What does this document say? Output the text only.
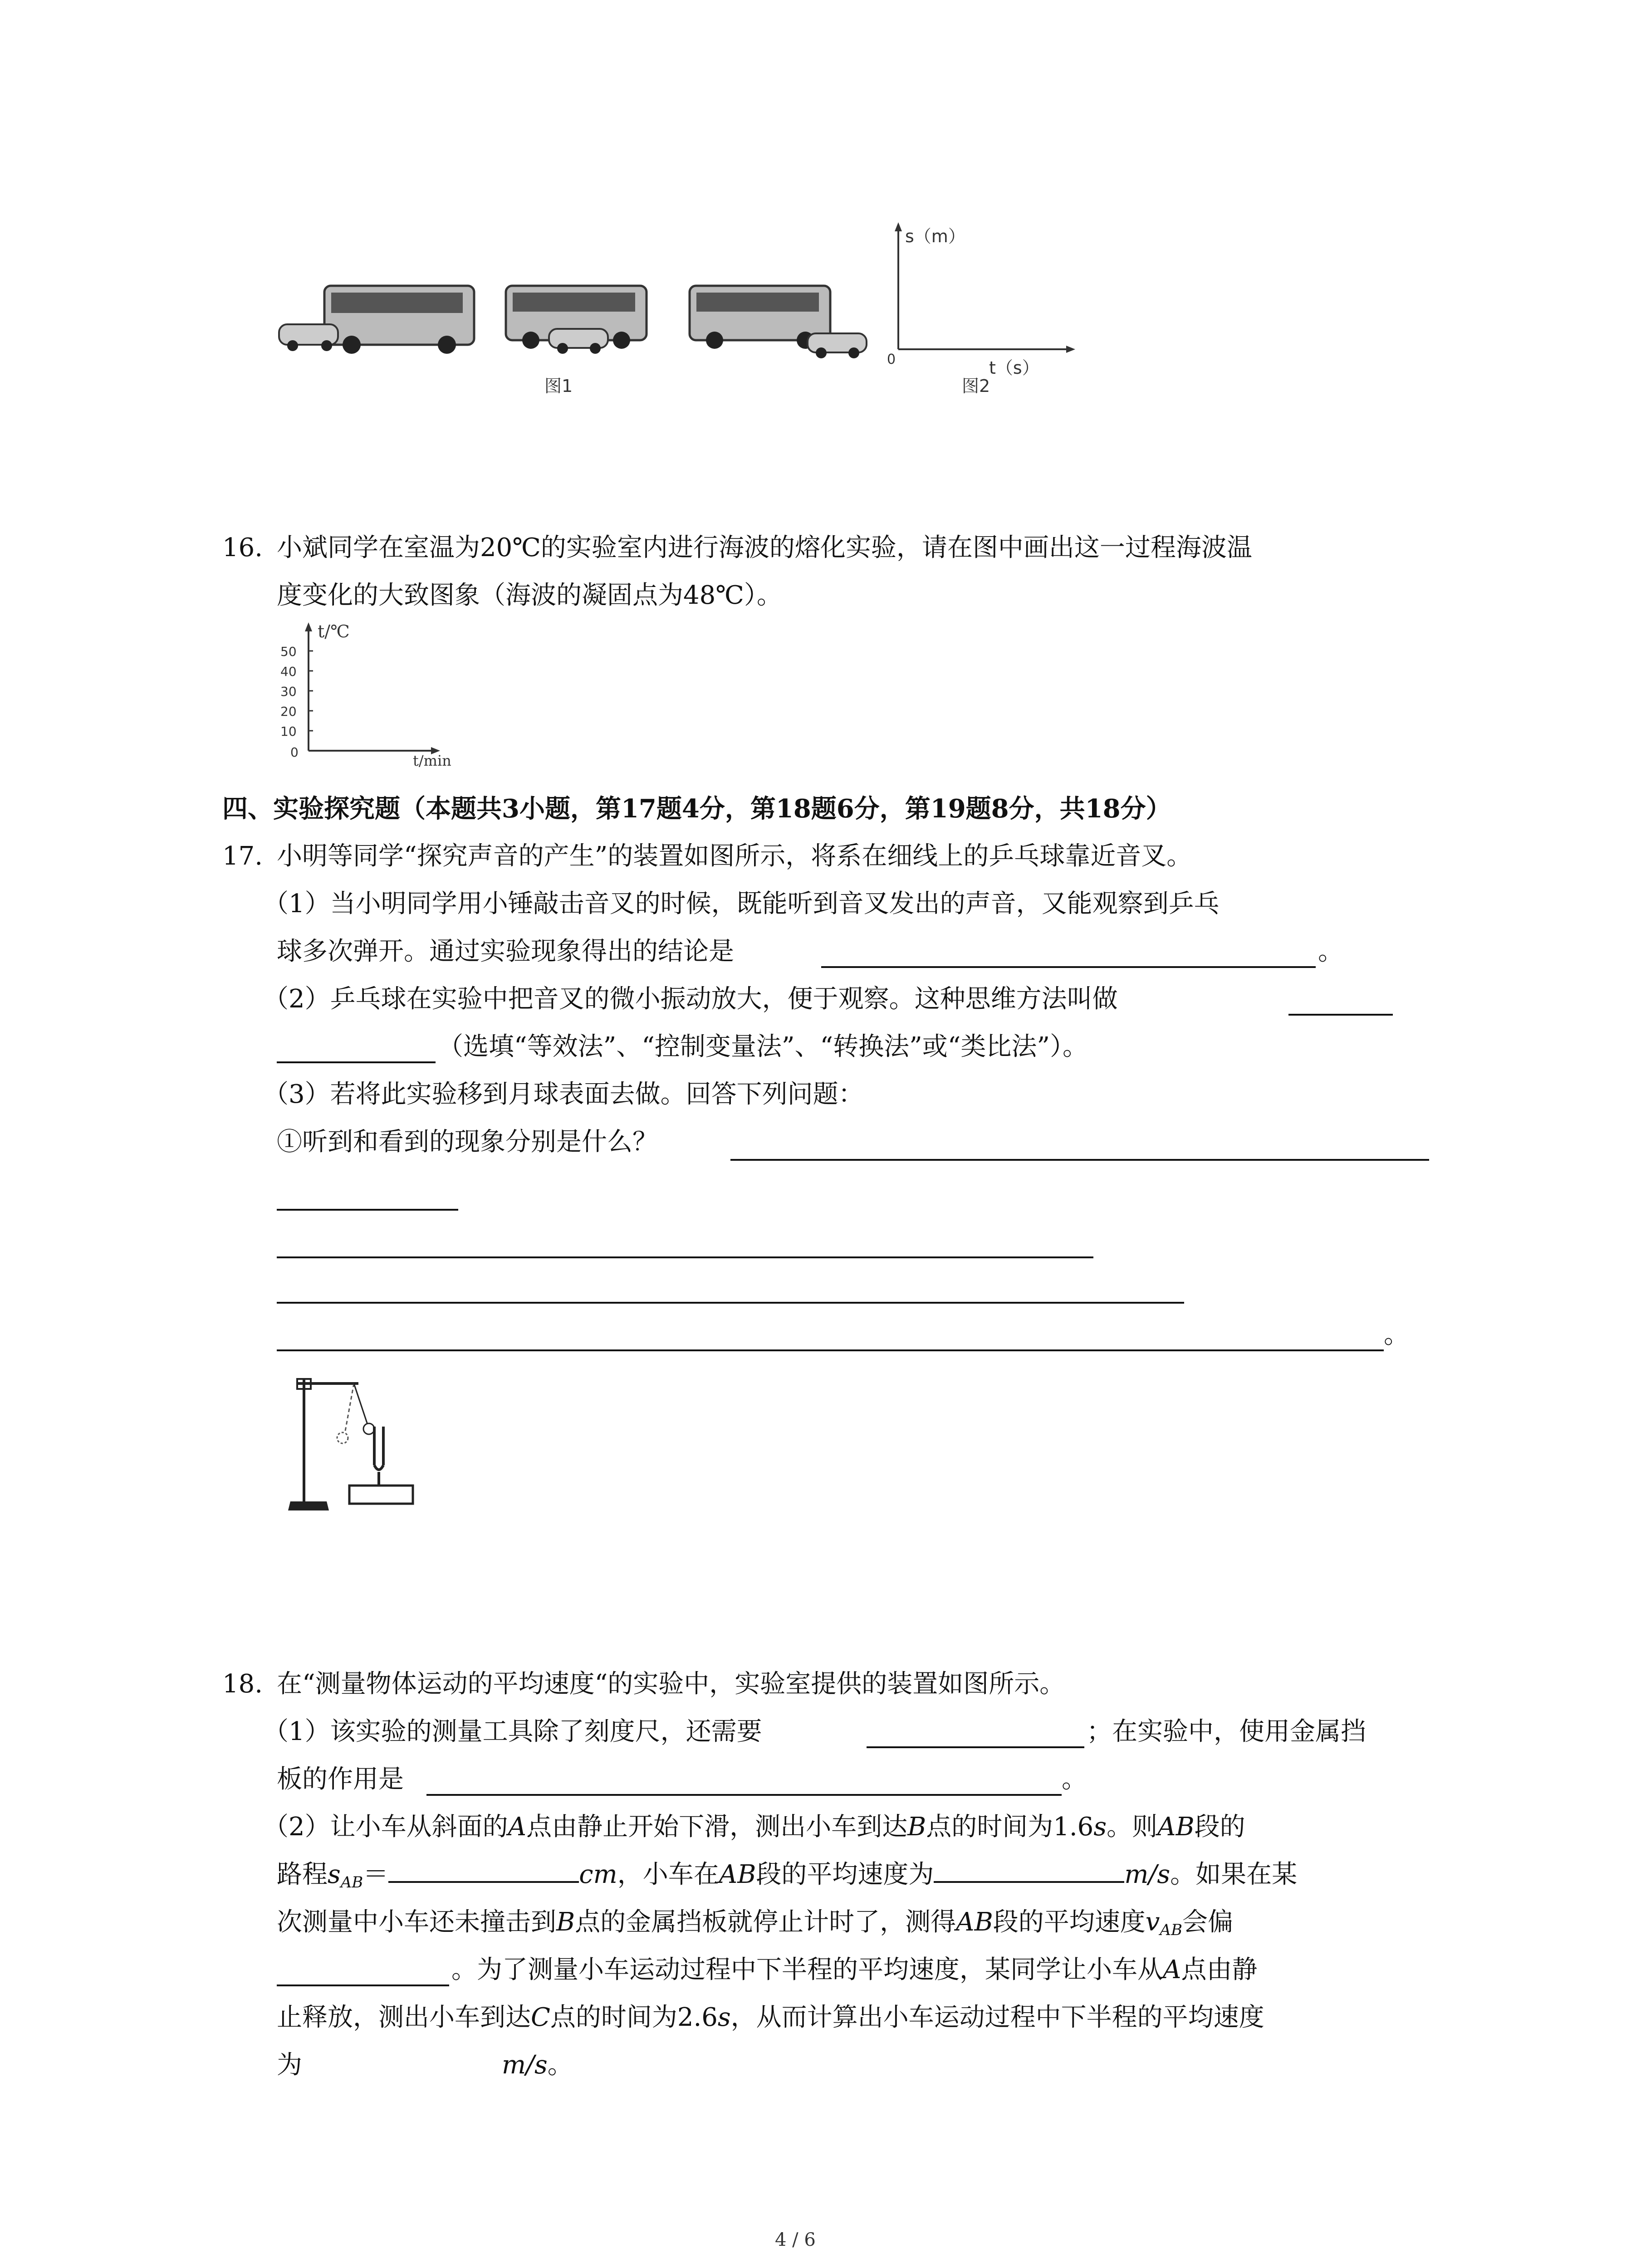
图1
s（m）
t（s）
0
图2
16. 小斌同学在室温为20℃的实验室内进行海波的熔化实验，请在图中画出这一过程海波温
度变化的大致图象（海波的凝固点为48℃）。
t/℃
50
40
30
20
10
0	t/min
四、实验探究题（本题共3小题，第17题4分，第18题6分，第19题8分，共18分）
17. 小明等同学“探究声音的产生”的装置如图所示，将系在细线上的乒乓球靠近音叉。
（1）当小明同学用小锤敲击音叉的时候，既能听到音叉发出的声音，又能观察到乒乓
球多次弹开。通过实验现象得出的结论是	。
（2）乒乓球在实验中把音叉的微小振动放大，便于观察。这种思维方法叫做
（选填“等效法”、“控制变量法”、“转换法”或“类比法”）。
（3）若将此实验移到月球表面去做。回答下列问题：
①听到和看到的现象分别是什么？
。
18. 在“测量物体运动的平均速度“的实验中，实验室提供的装置如图所示。
（1）该实验的测量工具除了刻度尺，还需要	；在实验中，使用金属挡
板的作用是	。
（2）让小车从斜面的A点由静止开始下滑，测出小车到达B点的时间为1.6s。则AB段的
路程$s_{AB}=$	cm，小车在AB段的平均速度为	m/s。如果在某
次测量中小车还未撞击到B点的金属挡板就停止计时了，测得AB段的平均速度$v_{AB}$会偏
。为了测量小车运动过程中下半程的平均速度，某同学让小车从A点由静
止释放，测出小车到达C点的时间为2.6s，从而计算出小车运动过程中下半程的平均速度
为	m/s。
4 / 6
